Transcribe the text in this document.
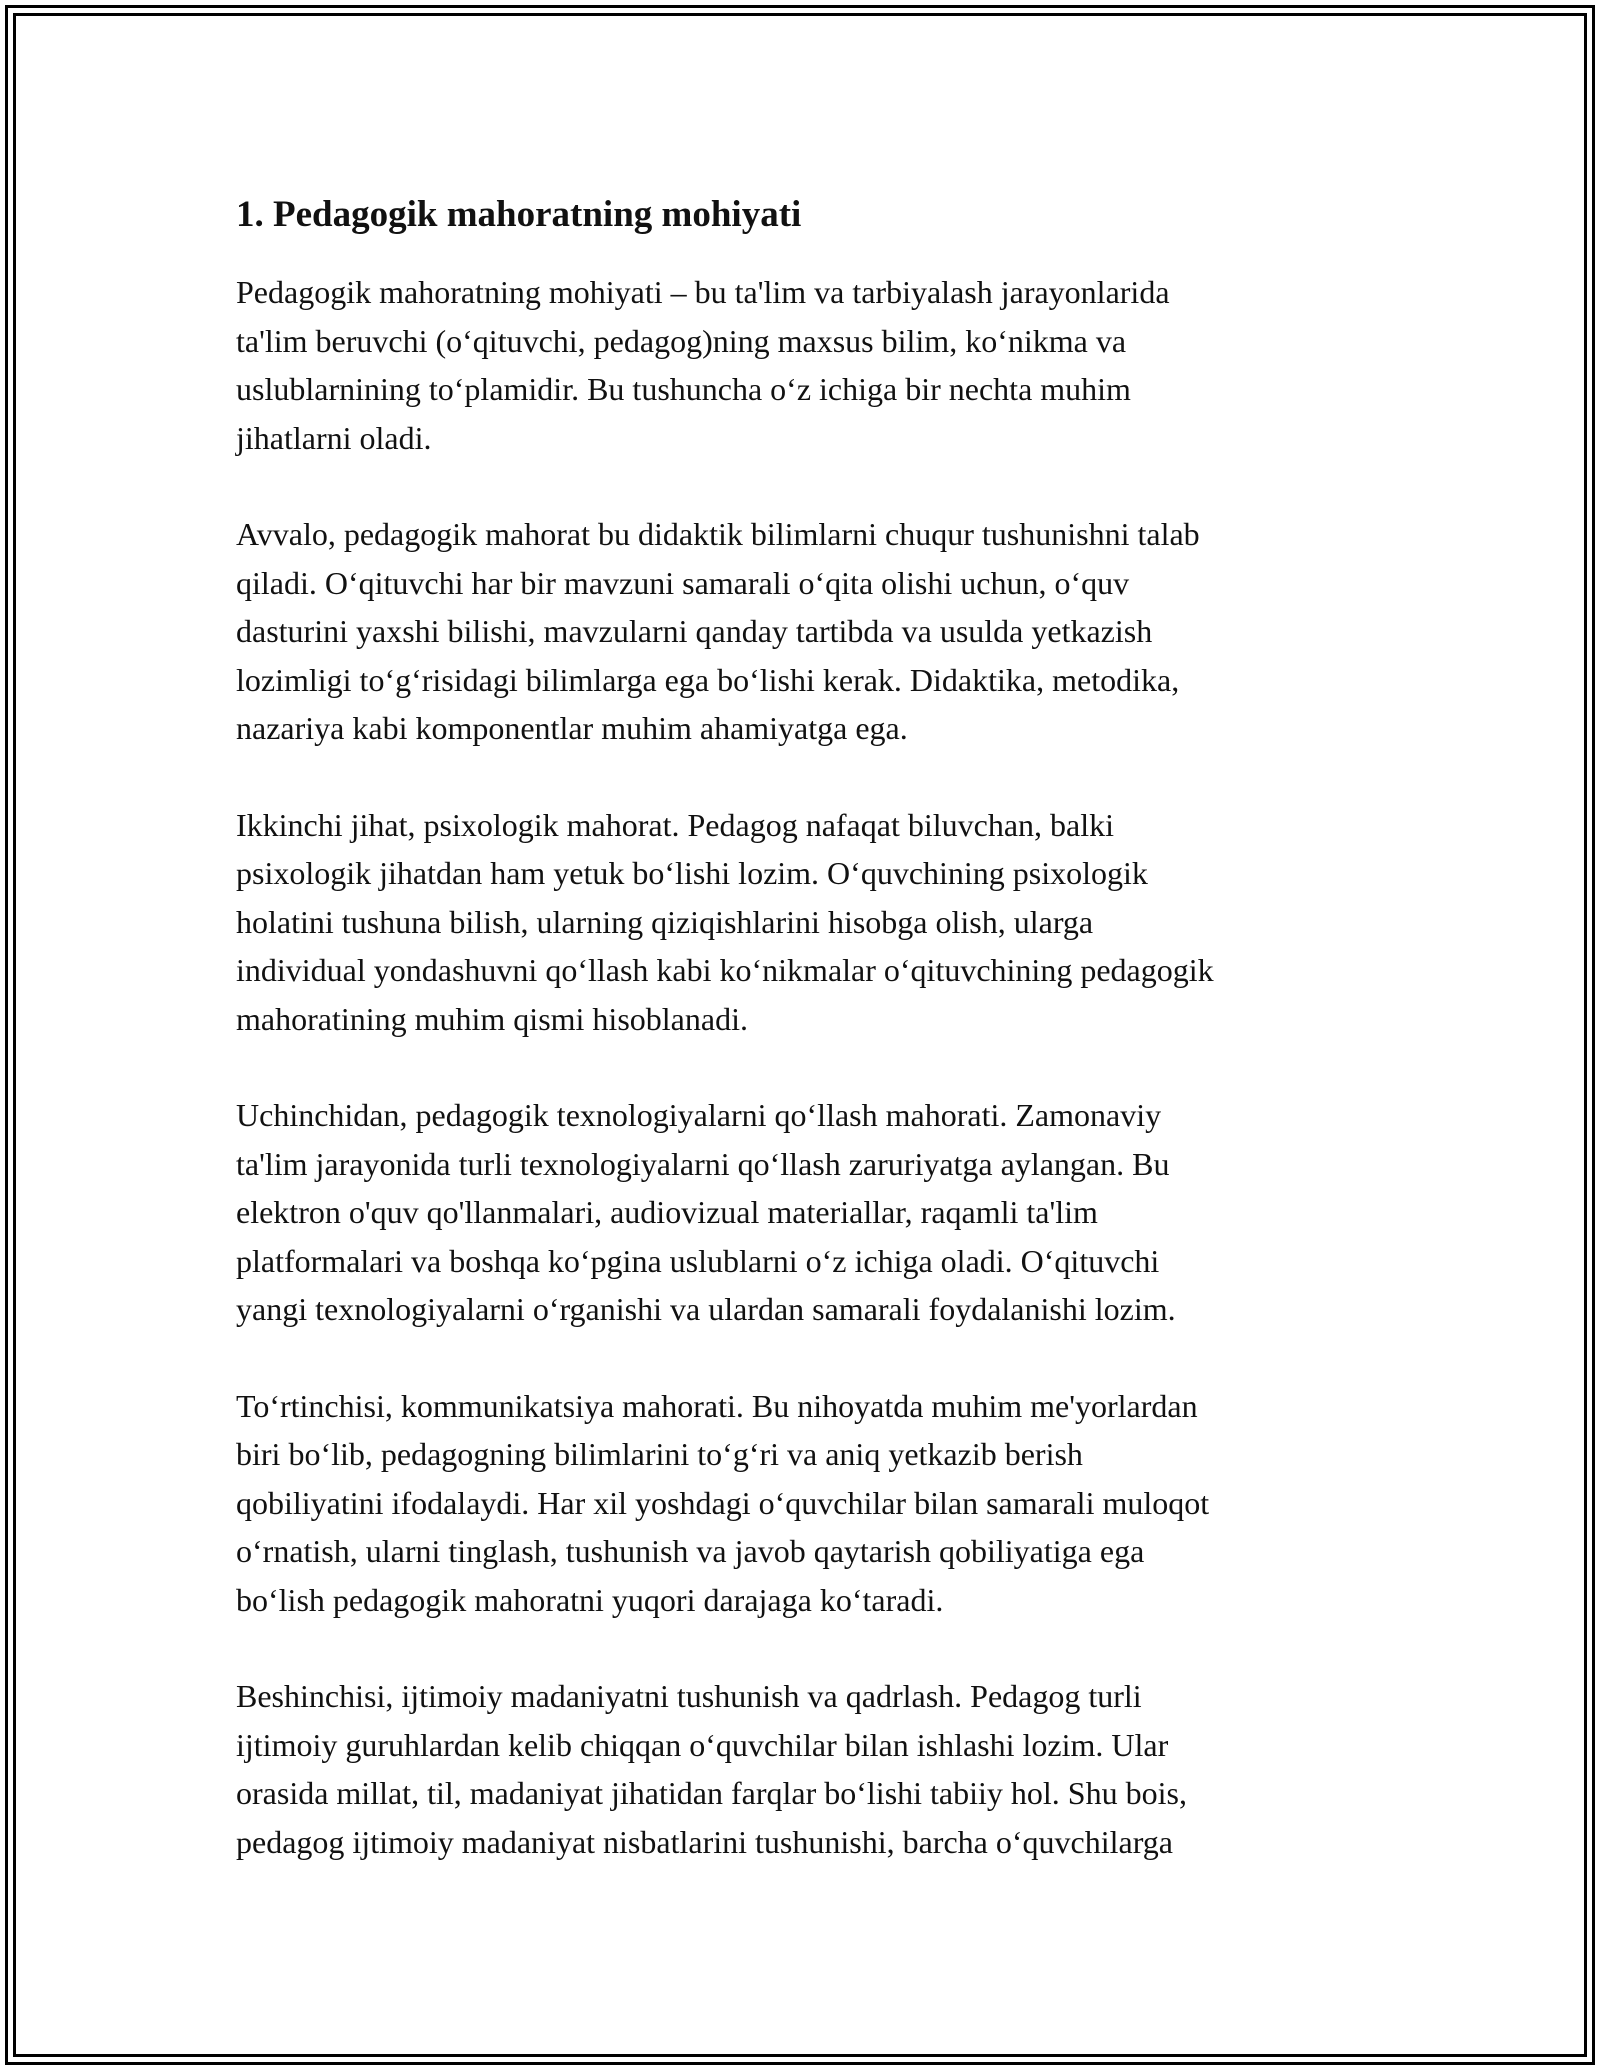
1. Pedagogik mahoratning mohiyati

Pedagogik mahoratning mohiyati – bu ta'lim va tarbiyalash jarayonlarida
ta'lim beruvchi (o‘qituvchi, pedagog)ning maxsus bilim, ko‘nikma va
uslublarnining to‘plamidir. Bu tushuncha o‘z ichiga bir nechta muhim
jihatlarni oladi.

Avvalo, pedagogik mahorat bu didaktik bilimlarni chuqur tushunishni talab
qiladi. O‘qituvchi har bir mavzuni samarali o‘qita olishi uchun, o‘quv
dasturini yaxshi bilishi, mavzularni qanday tartibda va usulda yetkazish
lozimligi to‘g‘risidagi bilimlarga ega bo‘lishi kerak. Didaktika, metodika,
nazariya kabi komponentlar muhim ahamiyatga ega.

Ikkinchi jihat, psixologik mahorat. Pedagog nafaqat biluvchan, balki
psixologik jihatdan ham yetuk bo‘lishi lozim. O‘quvchining psixologik
holatini tushuna bilish, ularning qiziqishlarini hisobga olish, ularga
individual yondashuvni qo‘llash kabi ko‘nikmalar o‘qituvchining pedagogik
mahoratining muhim qismi hisoblanadi.

Uchinchidan, pedagogik texnologiyalarni qo‘llash mahorati. Zamonaviy
ta'lim jarayonida turli texnologiyalarni qo‘llash zaruriyatga aylangan. Bu
elektron o'quv qo'llanmalari, audiovizual materiallar, raqamli ta'lim
platformalari va boshqa ko‘pgina uslublarni o‘z ichiga oladi. O‘qituvchi
yangi texnologiyalarni o‘rganishi va ulardan samarali foydalanishi lozim.

To‘rtinchisi, kommunikatsiya mahorati. Bu nihoyatda muhim me'yorlardan
biri bo‘lib, pedagogning bilimlarini to‘g‘ri va aniq yetkazib berish
qobiliyatini ifodalaydi. Har xil yoshdagi o‘quvchilar bilan samarali muloqot
o‘rnatish, ularni tinglash, tushunish va javob qaytarish qobiliyatiga ega
bo‘lish pedagogik mahoratni yuqori darajaga ko‘taradi.

Beshinchisi, ijtimoiy madaniyatni tushunish va qadrlash. Pedagog turli
ijtimoiy guruhlardan kelib chiqqan o‘quvchilar bilan ishlashi lozim. Ular
orasida millat, til, madaniyat jihatidan farqlar bo‘lishi tabiiy hol. Shu bois,
pedagog ijtimoiy madaniyat nisbatlarini tushunishi, barcha o‘quvchilarga
